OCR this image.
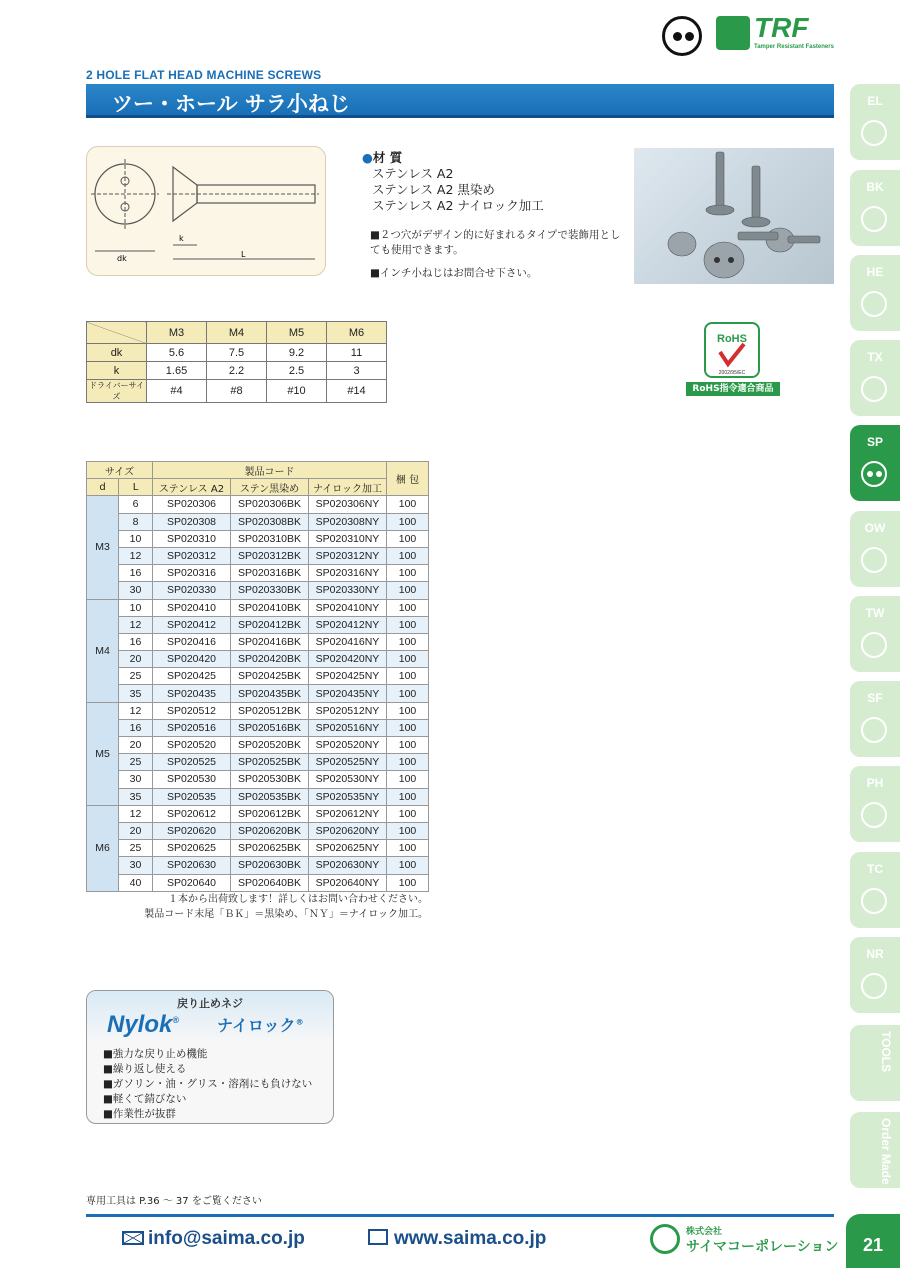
TRF
Tamper Resistant Fasteners
2 HOLE FLAT HEAD MACHINE SCREWS
ツー・ホール サラ小ねじ
dk
k
L
●材 質
ステンレス A2
ステンレス A2 黒染め
ステンレス A2 ナイロック加工
■２つ穴がデザイン的に好まれるタイプで装飾用としても使用できます。
■インチ小ねじはお問合せ下さい。
RoHS
2002/95/EC
RoHS指令適合商品
	M3	M4	M5	M6
dk	5.6	7.5	9.2	11
k	1.65	2.2	2.5	3
ドライバーサイズ	#4	#8	#10	#14
サイズ		製品コード			梱 包
d	L	ステンレス A2	ステン黒染め	ナイロック加工	
M3	6	SP020306	SP020306BK	SP020306NY	100
	8	SP020308	SP020308BK	SP020308NY	100
	10	SP020310	SP020310BK	SP020310NY	100
	12	SP020312	SP020312BK	SP020312NY	100
	16	SP020316	SP020316BK	SP020316NY	100
	30	SP020330	SP020330BK	SP020330NY	100
M4	10	SP020410	SP020410BK	SP020410NY	100
	12	SP020412	SP020412BK	SP020412NY	100
	16	SP020416	SP020416BK	SP020416NY	100
	20	SP020420	SP020420BK	SP020420NY	100
	25	SP020425	SP020425BK	SP020425NY	100
	35	SP020435	SP020435BK	SP020435NY	100
M5	12	SP020512	SP020512BK	SP020512NY	100
	16	SP020516	SP020516BK	SP020516NY	100
	20	SP020520	SP020520BK	SP020520NY	100
	25	SP020525	SP020525BK	SP020525NY	100
	30	SP020530	SP020530BK	SP020530NY	100
	35	SP020535	SP020535BK	SP020535NY	100
M6	12	SP020612	SP020612BK	SP020612NY	100
	20	SP020620	SP020620BK	SP020620NY	100
	25	SP020625	SP020625BK	SP020625NY	100
	30	SP020630	SP020630BK	SP020630NY	100
	40	SP020640	SP020640BK	SP020640NY	100
１本から出荷致します！詳しくはお問い合わせください。
製品コード末尾「ＢＫ」＝黒染め、「ＮＹ」＝ナイロック加工。
戻り止めネジ
Nylok® ナイロック®
■強力な戻り止め機能
■繰り返し使える
■ガソリン・油・グリス・溶剤にも負けない
■軽くて錆びない
■作業性が抜群
専用工具は P.36 ～ 37 をご覧ください
info@saima.co.jp	www.saima.co.jp	株式会社
サイマコーポレーション	21
EL
BK
HE
TX
SP
OW
TW
SF
PH
TC
NR
TOOLS
Order Made
